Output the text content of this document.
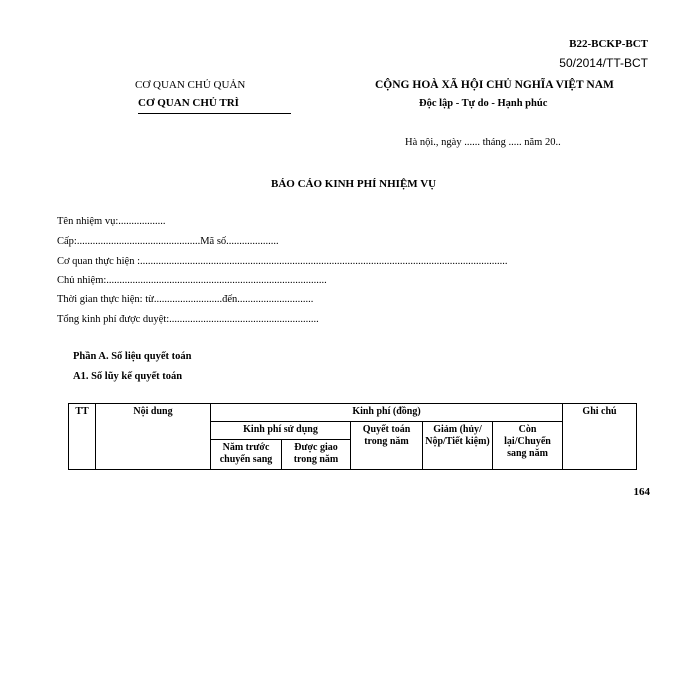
B22-BCKP-BCT
50/2014/TT-BCT
CƠ QUAN CHỦ QUẢN
CƠ QUAN CHỦ TRÌ
CỘNG HOÀ XÃ HỘI CHỦ NGHĨA VIỆT NAM
Độc lập - Tự do - Hạnh phúc
Hà nội., ngày ...... tháng ..... năm 20..
BÁO CÁO KINH PHÍ NHIỆM VỤ
Tên nhiệm vụ:..................
Cấp:...............................................Mã số....................
Cơ quan thực hiện :............................................................................................................................................
Chủ nhiệm:....................................................................................
Thời gian thực hiện: từ..........................đến.............................
Tổng kinh phí được duyệt:.........................................................
Phần A. Số liệu quyết toán
A1. Số lũy kế quyết toán
TT	Nội dung	Kinh phí (đồng)					Ghi chú
		Kinh phí sử dụng		Quyết toán trong năm	Giảm (hủy/ Nộp/Tiết kiệm)	Còn lại/Chuyển sang năm	
		Năm trước chuyển sang	Được giao trong năm				
164
